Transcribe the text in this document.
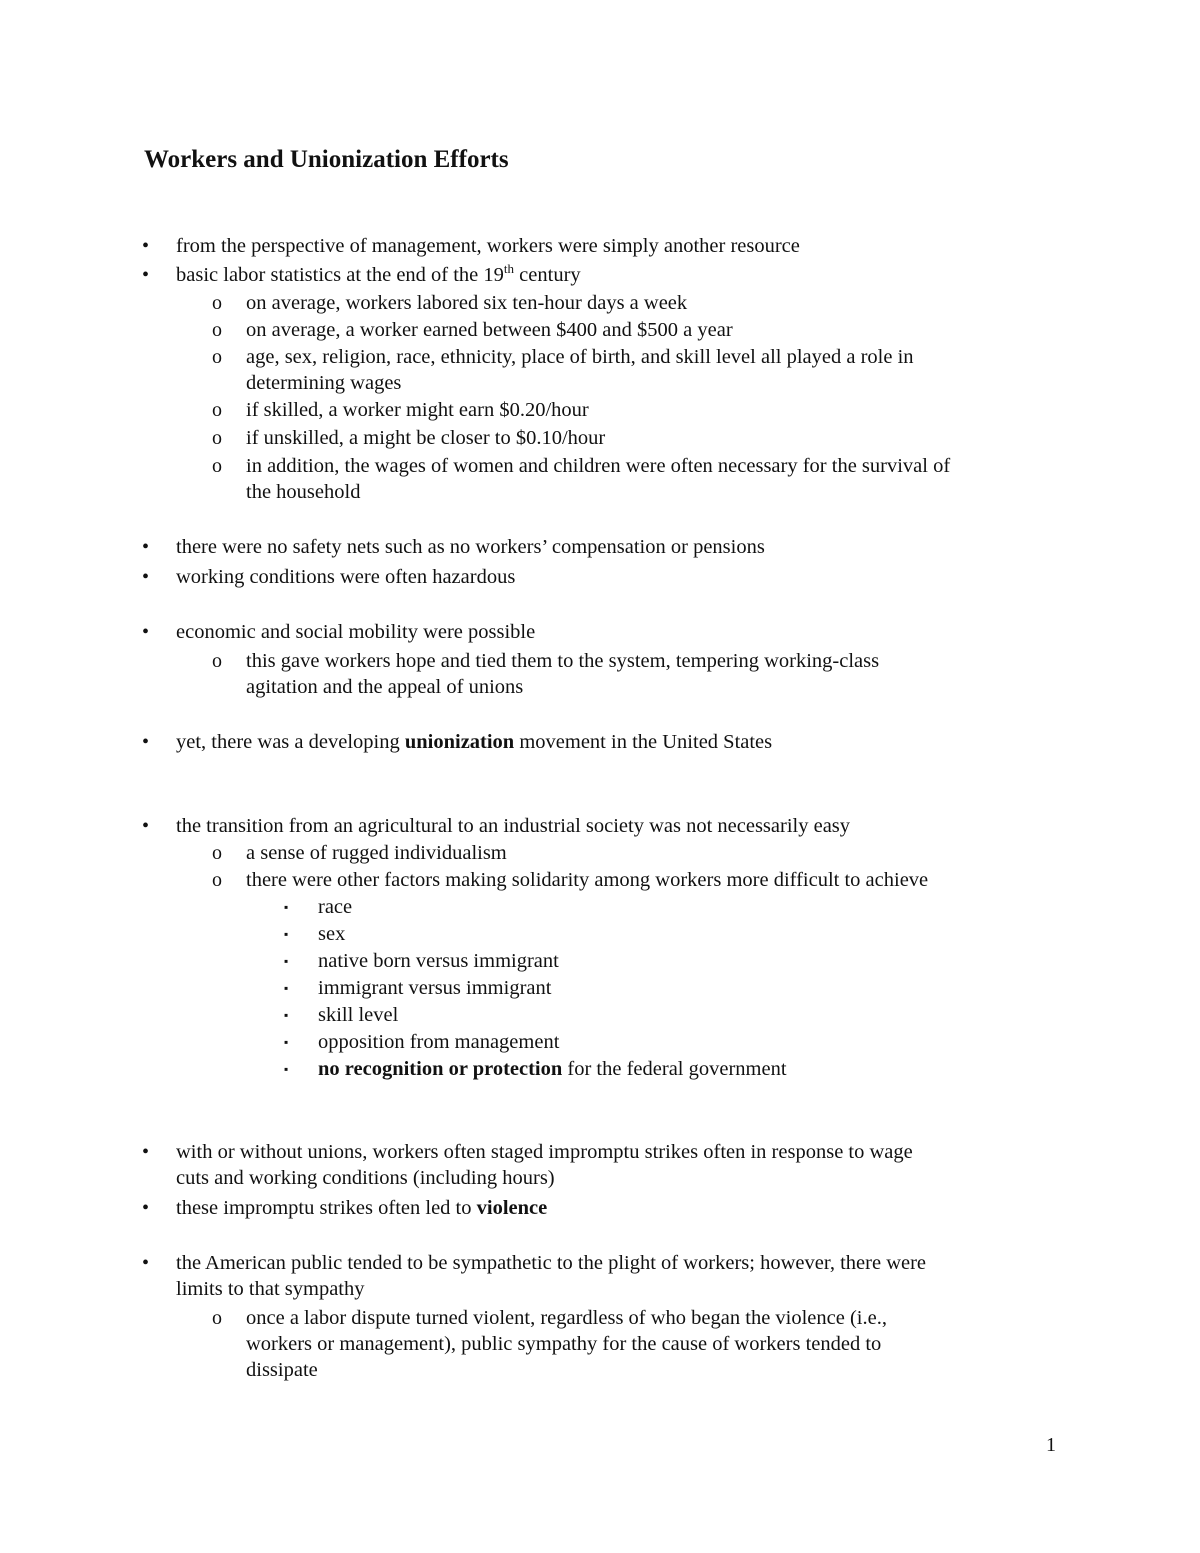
Workers and Unionization Efforts
• from the perspective of management, workers were simply another resource
• basic labor statistics at the end of the 19th century
o on average, workers labored six ten-hour days a week
o on average, a worker earned between $400 and $500 a year
o age, sex, religion, race, ethnicity, place of birth, and skill level all played a role in
determining wages
o if skilled, a worker might earn $0.20/hour
o if unskilled, a might be closer to $0.10/hour
o in addition, the wages of women and children were often necessary for the survival of
the household
• there were no safety nets such as no workers’ compensation or pensions
• working conditions were often hazardous
• economic and social mobility were possible
o this gave workers hope and tied them to the system, tempering working-class
agitation and the appeal of unions
• yet, there was a developing unionization movement in the United States
• the transition from an agricultural to an industrial society was not necessarily easy
o a sense of rugged individualism
o there were other factors making solidarity among workers more difficult to achieve
▪ race
▪ sex
▪ native born versus immigrant
▪ immigrant versus immigrant
▪ skill level
▪ opposition from management
▪ no recognition or protection for the federal government
• with or without unions, workers often staged impromptu strikes often in response to wage
cuts and working conditions (including hours)
• these impromptu strikes often led to violence
• the American public tended to be sympathetic to the plight of workers; however, there were
limits to that sympathy
o once a labor dispute turned violent, regardless of who began the violence (i.e.,
workers or management), public sympathy for the cause of workers tended to
dissipate
1
